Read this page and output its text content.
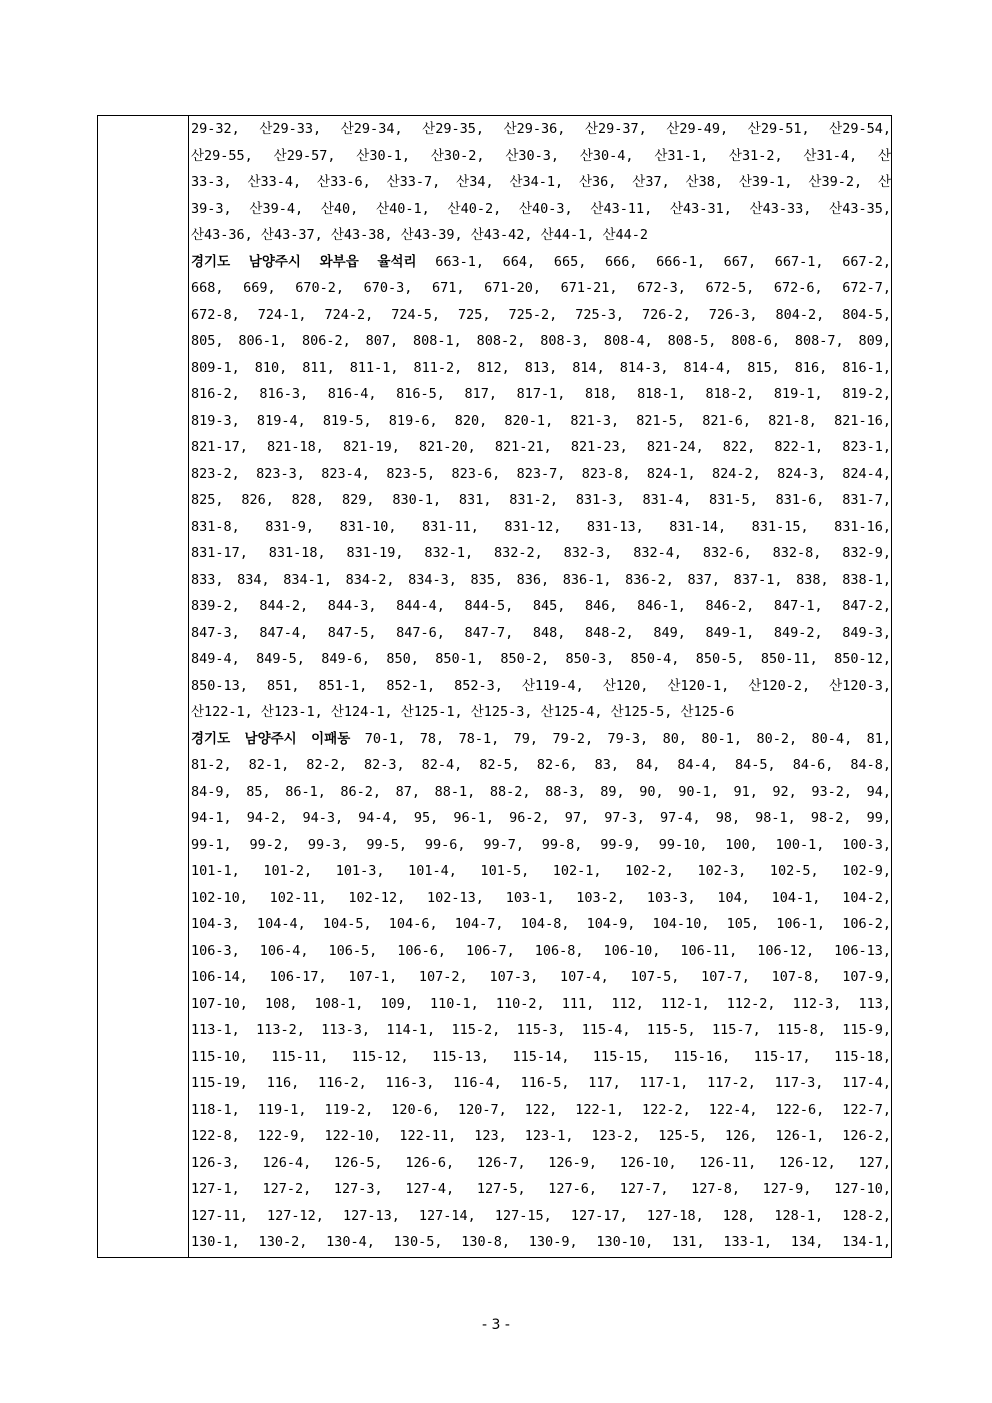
29-32, 산29-33, 산29-34, 산29-35, 산29-36, 산29-37, 산29-49, 산29-51, 산29-54,
산29-55, 산29-57, 산30-1, 산30-2, 산30-3, 산30-4, 산31-1, 산31-2, 산31-4, 산
33-3, 산33-4, 산33-6, 산33-7, 산34, 산34-1, 산36, 산37, 산38, 산39-1, 산39-2, 산
39-3, 산39-4, 산40, 산40-1, 산40-2, 산40-3, 산43-11, 산43-31, 산43-33, 산43-35,
산43-36, 산43-37, 산43-38, 산43-39, 산43-42, 산44-1, 산44-2
경기도 남양주시 와부읍 율석리 663-1, 664, 665, 666, 666-1, 667, 667-1, 667-2,
668, 669, 670-2, 670-3, 671, 671-20, 671-21, 672-3, 672-5, 672-6, 672-7,
672-8, 724-1, 724-2, 724-5, 725, 725-2, 725-3, 726-2, 726-3, 804-2, 804-5,
805, 806-1, 806-2, 807, 808-1, 808-2, 808-3, 808-4, 808-5, 808-6, 808-7, 809,
809-1, 810, 811, 811-1, 811-2, 812, 813, 814, 814-3, 814-4, 815, 816, 816-1,
816-2, 816-3, 816-4, 816-5, 817, 817-1, 818, 818-1, 818-2, 819-1, 819-2,
819-3, 819-4, 819-5, 819-6, 820, 820-1, 821-3, 821-5, 821-6, 821-8, 821-16,
821-17, 821-18, 821-19, 821-20, 821-21, 821-23, 821-24, 822, 822-1, 823-1,
823-2, 823-3, 823-4, 823-5, 823-6, 823-7, 823-8, 824-1, 824-2, 824-3, 824-4,
825, 826, 828, 829, 830-1, 831, 831-2, 831-3, 831-4, 831-5, 831-6, 831-7,
831-8, 831-9, 831-10, 831-11, 831-12, 831-13, 831-14, 831-15, 831-16,
831-17, 831-18, 831-19, 832-1, 832-2, 832-3, 832-4, 832-6, 832-8, 832-9,
833, 834, 834-1, 834-2, 834-3, 835, 836, 836-1, 836-2, 837, 837-1, 838, 838-1,
839-2, 844-2, 844-3, 844-4, 844-5, 845, 846, 846-1, 846-2, 847-1, 847-2,
847-3, 847-4, 847-5, 847-6, 847-7, 848, 848-2, 849, 849-1, 849-2, 849-3,
849-4, 849-5, 849-6, 850, 850-1, 850-2, 850-3, 850-4, 850-5, 850-11, 850-12,
850-13, 851, 851-1, 852-1, 852-3, 산119-4, 산120, 산120-1, 산120-2, 산120-3,
산122-1, 산123-1, 산124-1, 산125-1, 산125-3, 산125-4, 산125-5, 산125-6
경기도 남양주시 이패동 70-1, 78, 78-1, 79, 79-2, 79-3, 80, 80-1, 80-2, 80-4, 81,
81-2, 82-1, 82-2, 82-3, 82-4, 82-5, 82-6, 83, 84, 84-4, 84-5, 84-6, 84-8,
84-9, 85, 86-1, 86-2, 87, 88-1, 88-2, 88-3, 89, 90, 90-1, 91, 92, 93-2, 94,
94-1, 94-2, 94-3, 94-4, 95, 96-1, 96-2, 97, 97-3, 97-4, 98, 98-1, 98-2, 99,
99-1, 99-2, 99-3, 99-5, 99-6, 99-7, 99-8, 99-9, 99-10, 100, 100-1, 100-3,
101-1, 101-2, 101-3, 101-4, 101-5, 102-1, 102-2, 102-3, 102-5, 102-9,
102-10, 102-11, 102-12, 102-13, 103-1, 103-2, 103-3, 104, 104-1, 104-2,
104-3, 104-4, 104-5, 104-6, 104-7, 104-8, 104-9, 104-10, 105, 106-1, 106-2,
106-3, 106-4, 106-5, 106-6, 106-7, 106-8, 106-10, 106-11, 106-12, 106-13,
106-14, 106-17, 107-1, 107-2, 107-3, 107-4, 107-5, 107-7, 107-8, 107-9,
107-10, 108, 108-1, 109, 110-1, 110-2, 111, 112, 112-1, 112-2, 112-3, 113,
113-1, 113-2, 113-3, 114-1, 115-2, 115-3, 115-4, 115-5, 115-7, 115-8, 115-9,
115-10, 115-11, 115-12, 115-13, 115-14, 115-15, 115-16, 115-17, 115-18,
115-19, 116, 116-2, 116-3, 116-4, 116-5, 117, 117-1, 117-2, 117-3, 117-4,
118-1, 119-1, 119-2, 120-6, 120-7, 122, 122-1, 122-2, 122-4, 122-6, 122-7,
122-8, 122-9, 122-10, 122-11, 123, 123-1, 123-2, 125-5, 126, 126-1, 126-2,
126-3, 126-4, 126-5, 126-6, 126-7, 126-9, 126-10, 126-11, 126-12, 127,
127-1, 127-2, 127-3, 127-4, 127-5, 127-6, 127-7, 127-8, 127-9, 127-10,
127-11, 127-12, 127-13, 127-14, 127-15, 127-17, 127-18, 128, 128-1, 128-2,
130-1, 130-2, 130-4, 130-5, 130-8, 130-9, 130-10, 131, 133-1, 134, 134-1,
- 3 -
